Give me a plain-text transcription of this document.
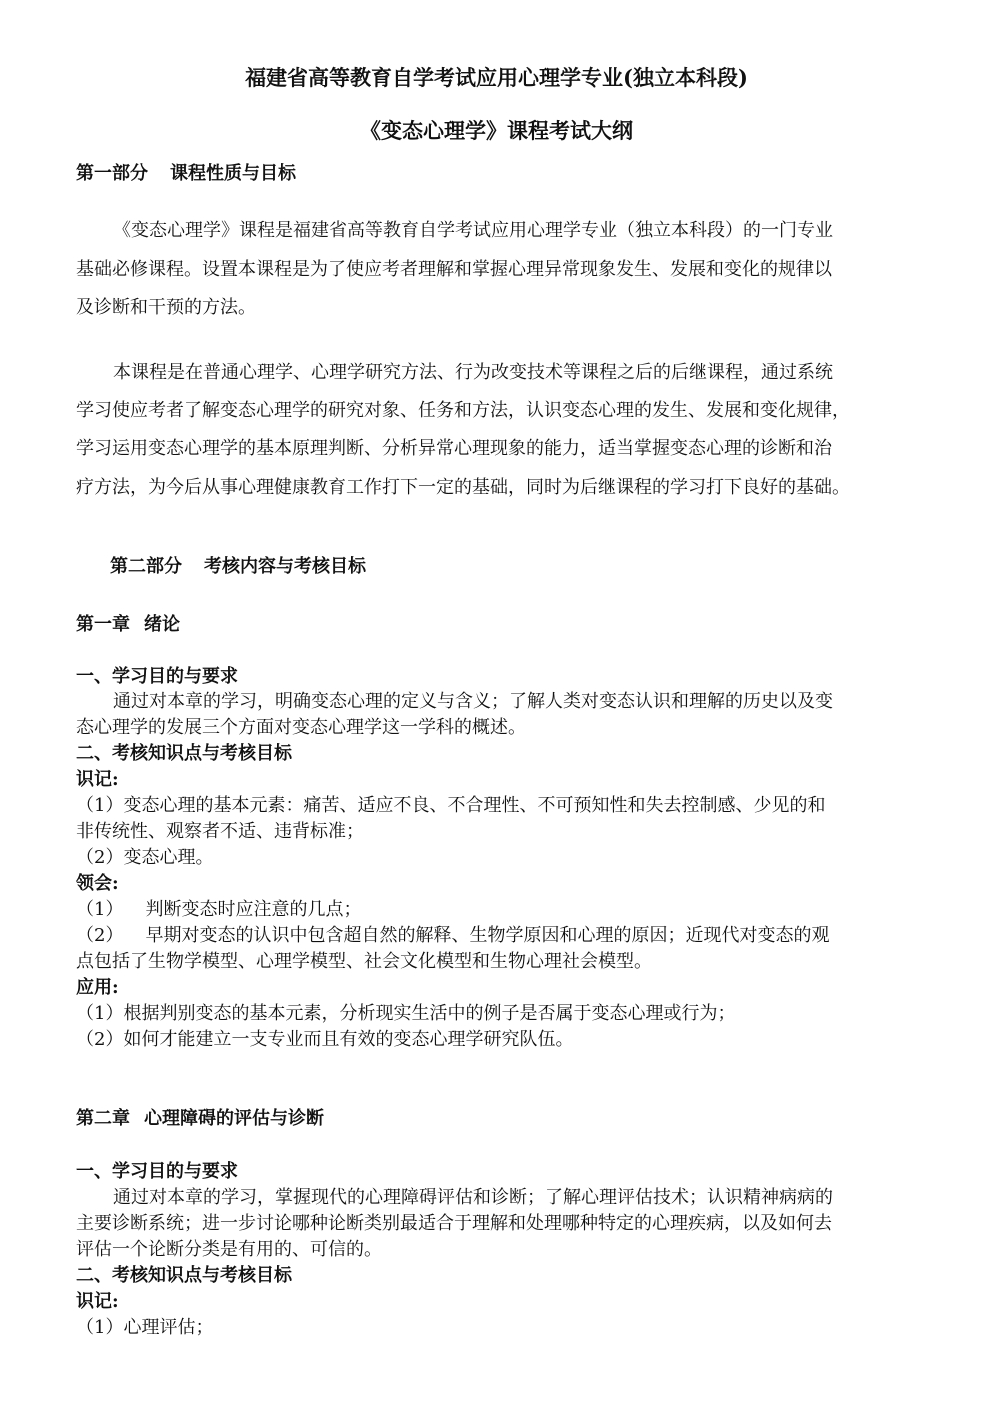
福建省高等教育自学考试应用心理学专业(独立本科段)
《变态心理学》课程考试大纲
第一部分 课程性质与目标
《变态心理学》课程是福建省高等教育自学考试应用心理学专业（独立本科段）的一门专业
基础必修课程。设置本课程是为了使应考者理解和掌握心理异常现象发生、发展和变化的规律以
及诊断和干预的方法。
本课程是在普通心理学、心理学研究方法、行为改变技术等课程之后的后继课程，通过系统
学习使应考者了解变态心理学的研究对象、任务和方法，认识变态心理的发生、发展和变化规律，
学习运用变态心理学的基本原理判断、分析异常心理现象的能力，适当掌握变态心理的诊断和治
疗方法，为今后从事心理健康教育工作打下一定的基础，同时为后继课程的学习打下良好的基础。
第二部分 考核内容与考核目标
第一章 绪论
一、学习目的与要求
通过对本章的学习，明确变态心理的定义与含义；了解人类对变态认识和理解的历史以及变
态心理学的发展三个方面对变态心理学这一学科的概述。
二、考核知识点与考核目标
识记:
（1）变态心理的基本元素：痛苦、适应不良、不合理性、不可预知性和失去控制感、少见的和
非传统性、观察者不适、违背标准；
（2）变态心理。
领会:
（1） 判断变态时应注意的几点；
（2） 早期对变态的认识中包含超自然的解释、生物学原因和心理的原因；近现代对变态的观
点包括了生物学模型、心理学模型、社会文化模型和生物心理社会模型。
应用:
（1）根据判别变态的基本元素，分析现实生活中的例子是否属于变态心理或行为；
（2）如何才能建立一支专业而且有效的变态心理学研究队伍。
第二章 心理障碍的评估与诊断
一、学习目的与要求
通过对本章的学习，掌握现代的心理障碍评估和诊断；了解心理评估技术；认识精神病病的
主要诊断系统；进一步讨论哪种论断类别最适合于理解和处理哪种特定的心理疾病，以及如何去
评估一个论断分类是有用的、可信的。
二、考核知识点与考核目标
识记:
（1）心理评估；
